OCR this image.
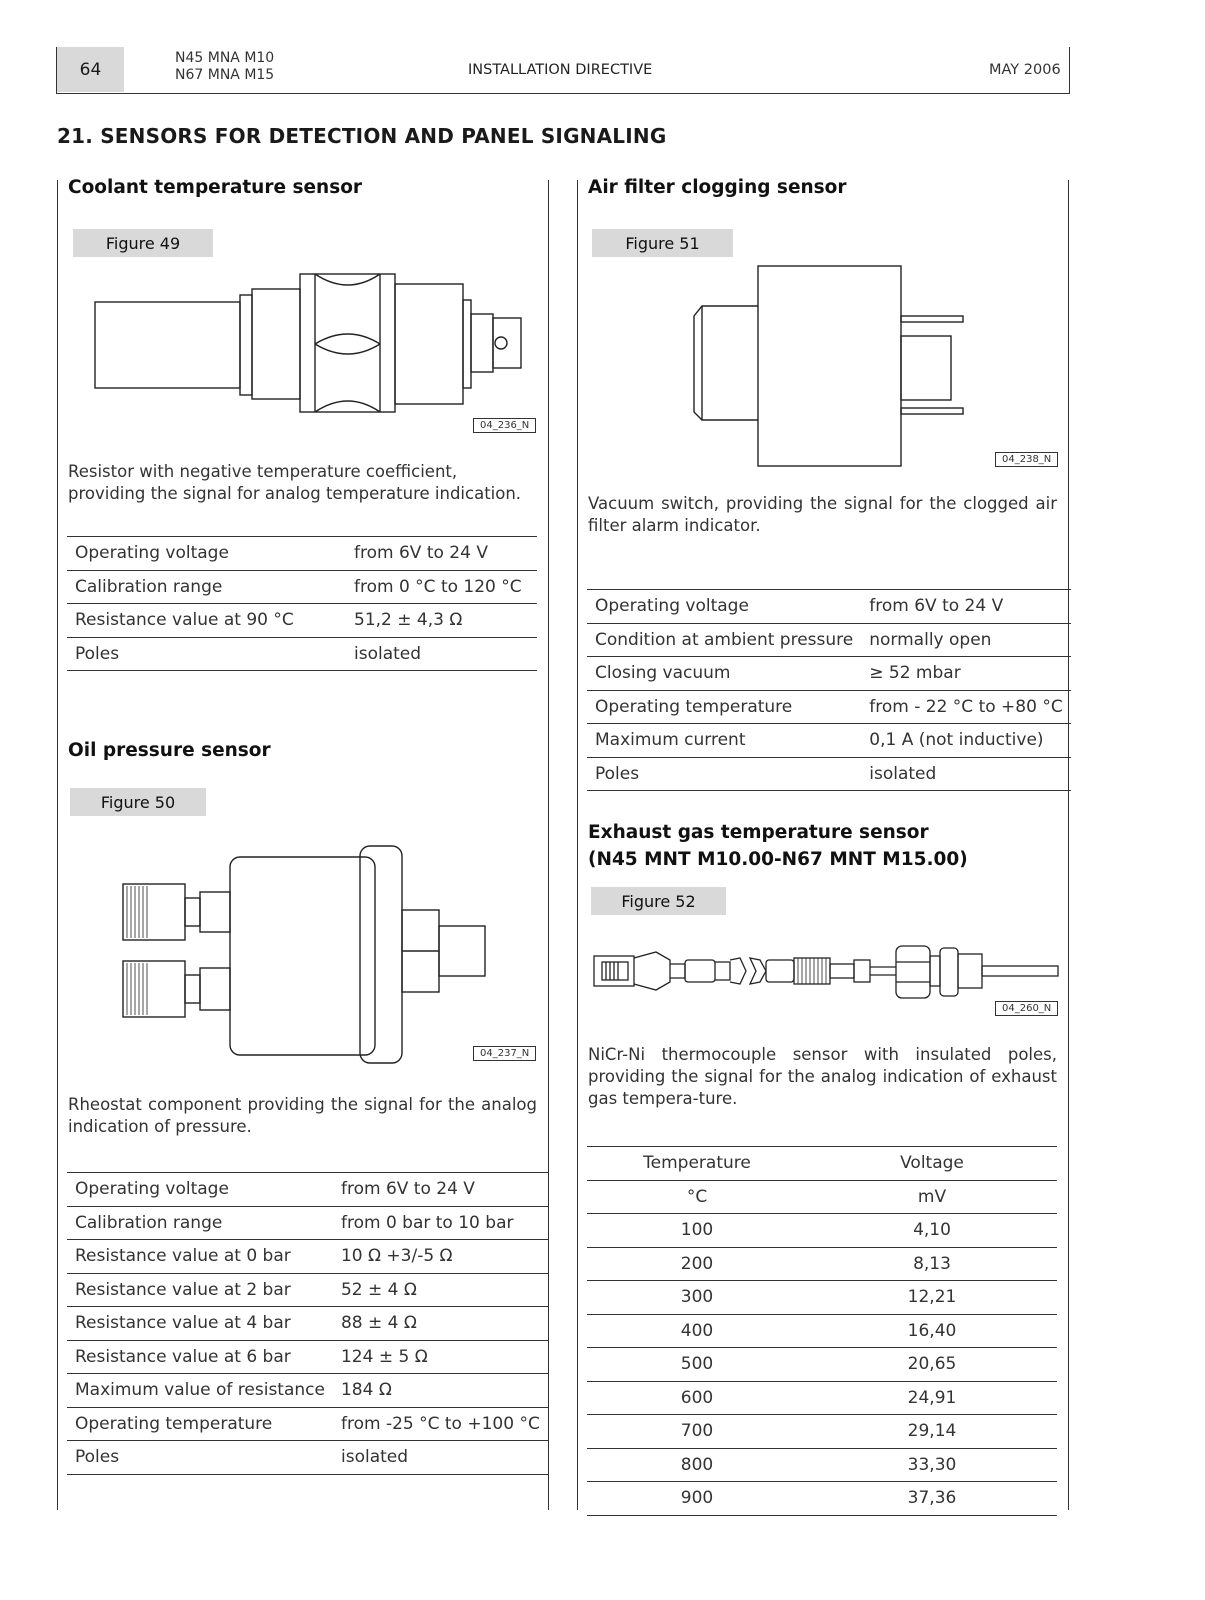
64
N45 MNA M10
N67 MNA M15	INSTALLATION DIRECTIVE	MAY 2006
21. SENSORS FOR DETECTION AND PANEL SIGNALING
Coolant temperature sensor
Figure 49
04_236_N
Resistor with negative temperature coefficient, providing the signal for analog temperature indication.
Operating voltage	from 6V to 24 V
Calibration range	from 0 °C to 120 °C
Resistance value at 90 °C	51,2 ± 4,3 Ω
Poles	isolated
Oil pressure sensor
Figure 50
04_237_N
Rheostat component providing the signal for the analog indication of pressure.
Operating voltage	from 6V to 24 V
Calibration range	from 0 bar to 10 bar
Resistance value at 0 bar	10 Ω +3/-5 Ω
Resistance value at 2 bar	52 ± 4 Ω
Resistance value at 4 bar	88 ± 4 Ω
Resistance value at 6 bar	124 ± 5 Ω
Maximum value of resistance	184 Ω
Operating temperature	from -25 °C to +100 °C
Poles	isolated
Air filter clogging sensor
Figure 51
04_238_N
Vacuum switch, providing the signal for the clogged air filter alarm indicator.
Operating voltage	from 6V to 24 V
Condition at ambient pressure	normally open
Closing vacuum	≥ 52 mbar
Operating temperature	from - 22 °C to +80 °C
Maximum current	0,1 A (not inductive)
Poles	isolated
Exhaust gas temperature sensor
(N45 MNT M10.00-N67 MNT M15.00)
Figure 52
04_260_N
NiCr-Ni thermocouple sensor with insulated poles, providing the signal for the analog indication of exhaust gas tempera-ture.
Temperature	Voltage
°C	mV
100	4,10
200	8,13
300	12,21
400	16,40
500	20,65
600	24,91
700	29,14
800	33,30
900	37,36
